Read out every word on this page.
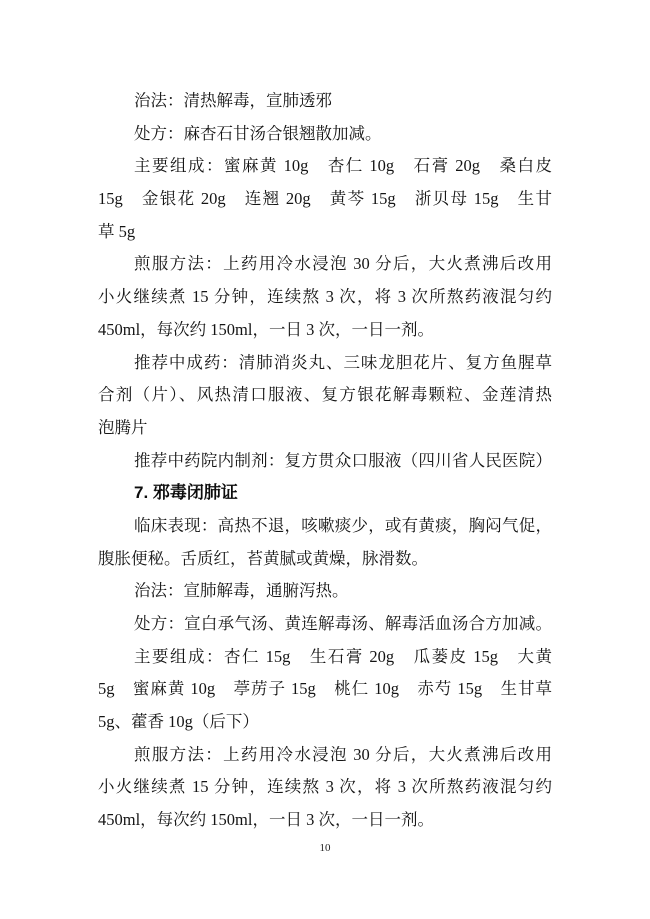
治法：清热解毒，宣肺透邪
处方：麻杏石甘汤合银翘散加减。
主要组成：蜜麻黄 10g　杏仁 10g　石膏 20g　桑白皮
15g　金银花 20g　连翘 20g　黄芩 15g　浙贝母 15g　生甘
草 5g
煎服方法：上药用冷水浸泡 30 分后，大火煮沸后改用
小火继续煮 15 分钟，连续熬 3 次，将 3 次所熬药液混匀约
450ml，每次约 150ml，一日 3 次，一日一剂。
推荐中成药：清肺消炎丸、三味龙胆花片、复方鱼腥草
合剂（片）、风热清口服液、复方银花解毒颗粒、金莲清热
泡腾片
推荐中药院内制剂：复方贯众口服液（四川省人民医院）
7. 邪毒闭肺证
临床表现：高热不退，咳嗽痰少，或有黄痰，胸闷气促，
腹胀便秘。舌质红，苔黄腻或黄燥，脉滑数。
治法：宣肺解毒，通腑泻热。
处方：宣白承气汤、黄连解毒汤、解毒活血汤合方加减。
主要组成：杏仁 15g　生石膏 20g　瓜蒌皮 15g　大黄
5g　蜜麻黄 10g　葶苈子 15g　桃仁 10g　赤芍 15g　生甘草
5g、藿香 10g（后下）
煎服方法：上药用冷水浸泡 30 分后，大火煮沸后改用
小火继续煮 15 分钟，连续熬 3 次，将 3 次所熬药液混匀约
450ml，每次约 150ml，一日 3 次，一日一剂。
10
